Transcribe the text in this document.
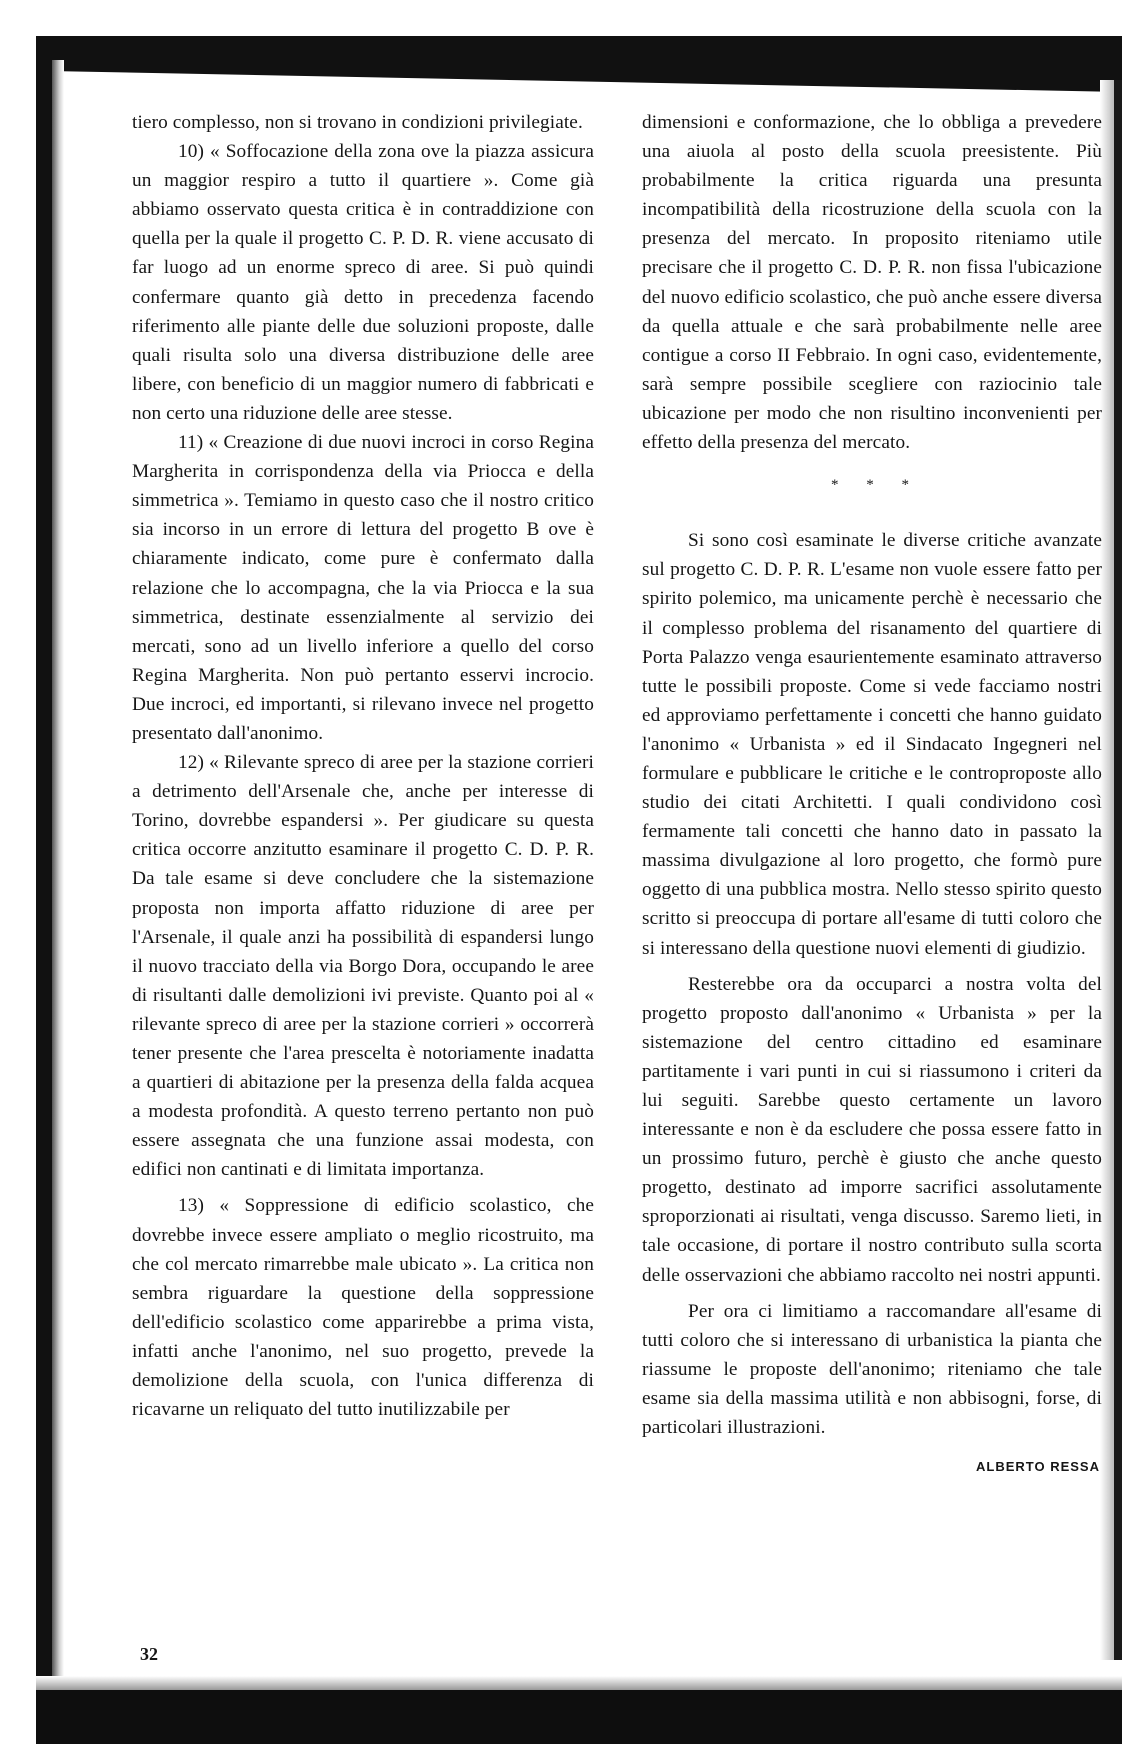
tiero complesso, non si trovano in condizioni privilegiate.

10) « Soffocazione della zona ove la piazza assicura un maggior respiro a tutto il quartiere ». Come già abbiamo osservato questa critica è in contraddizione con quella per la quale il progetto C. P. D. R. viene accusato di far luogo ad un enorme spreco di aree. Si può quindi confermare quanto già detto in precedenza facendo riferimento alle piante delle due soluzioni proposte, dalle quali risulta solo una diversa distribuzione delle aree libere, con beneficio di un maggior numero di fabbricati e non certo una riduzione delle aree stesse.

11) « Creazione di due nuovi incroci in corso Regina Margherita in corrispondenza della via Priocca e della simmetrica ». Temiamo in questo caso che il nostro critico sia incorso in un errore di lettura del progetto B ove è chiaramente indicato, come pure è confermato dalla relazione che lo accompagna, che la via Priocca e la sua simmetrica, destinate essenzialmente al servizio dei mercati, sono ad un livello inferiore a quello del corso Regina Margherita. Non può pertanto esservi incrocio. Due incroci, ed importanti, si rilevano invece nel progetto presentato dall'anonimo.

12) « Rilevante spreco di aree per la stazione corrieri a detrimento dell'Arsenale che, anche per interesse di Torino, dovrebbe espandersi ». Per giudicare su questa critica occorre anzitutto esaminare il progetto C. D. P. R. Da tale esame si deve concludere che la sistemazione proposta non importa affatto riduzione di aree per l'Arsenale, il quale anzi ha possibilità di espandersi lungo il nuovo tracciato della via Borgo Dora, occupando le aree di risultanti dalle demolizioni ivi previste. Quanto poi al « rilevante spreco di aree per la stazione corrieri » occorrerà tener presente che l'area prescelta è notoriamente inadatta a quartieri di abitazione per la presenza della falda acquea a modesta profondità. A questo terreno pertanto non può essere assegnata che una funzione assai modesta, con edifici non cantinati e di limitata importanza.

13) « Soppressione di edificio scolastico, che dovrebbe invece essere ampliato o meglio ricostruito, ma che col mercato rimarrebbe male ubicato ». La critica non sembra riguardare la questione della soppressione dell'edificio scolastico come apparirebbe a prima vista, infatti anche l'anonimo, nel suo progetto, prevede la demolizione della scuola, con l'unica differenza di ricavarne un reliquato del tutto inutilizzabile per

dimensioni e conformazione, che lo obbliga a prevedere una aiuola al posto della scuola preesistente. Più probabilmente la critica riguarda una presunta incompatibilità della ricostruzione della scuola con la presenza del mercato. In proposito riteniamo utile precisare che il progetto C. D. P. R. non fissa l'ubicazione del nuovo edificio scolastico, che può anche essere diversa da quella attuale e che sarà probabilmente nelle aree contigue a corso II Febbraio. In ogni caso, evidentemente, sarà sempre possibile scegliere con raziocinio tale ubicazione per modo che non risultino inconvenienti per effetto della presenza del mercato.

* * *

Si sono così esaminate le diverse critiche avanzate sul progetto C. D. P. R. L'esame non vuole essere fatto per spirito polemico, ma unicamente perchè è necessario che il complesso problema del risanamento del quartiere di Porta Palazzo venga esaurientemente esaminato attraverso tutte le possibili proposte. Come si vede facciamo nostri ed approviamo perfettamente i concetti che hanno guidato l'anonimo « Urbanista » ed il Sindacato Ingegneri nel formulare e pubblicare le critiche e le controproposte allo studio dei citati Architetti. I quali condividono così fermamente tali concetti che hanno dato in passato la massima divulgazione al loro progetto, che formò pure oggetto di una pubblica mostra. Nello stesso spirito questo scritto si preoccupa di portare all'esame di tutti coloro che si interessano della questione nuovi elementi di giudizio.

Resterebbe ora da occuparci a nostra volta del progetto proposto dall'anonimo « Urbanista » per la sistemazione del centro cittadino ed esaminare partitamente i vari punti in cui si riassumono i criteri da lui seguiti. Sarebbe questo certamente un lavoro interessante e non è da escludere che possa essere fatto in un prossimo futuro, perchè è giusto che anche questo progetto, destinato ad imporre sacrifici assolutamente sproporzionati ai risultati, venga discusso. Saremo lieti, in tale occasione, di portare il nostro contributo sulla scorta delle osservazioni che abbiamo raccolto nei nostri appunti.

Per ora ci limitiamo a raccomandare all'esame di tutti coloro che si interessano di urbanistica la pianta che riassume le proposte dell'anonimo; riteniamo che tale esame sia della massima utilità e non abbisogni, forse, di particolari illustrazioni.

ALBERTO RESSA
32
